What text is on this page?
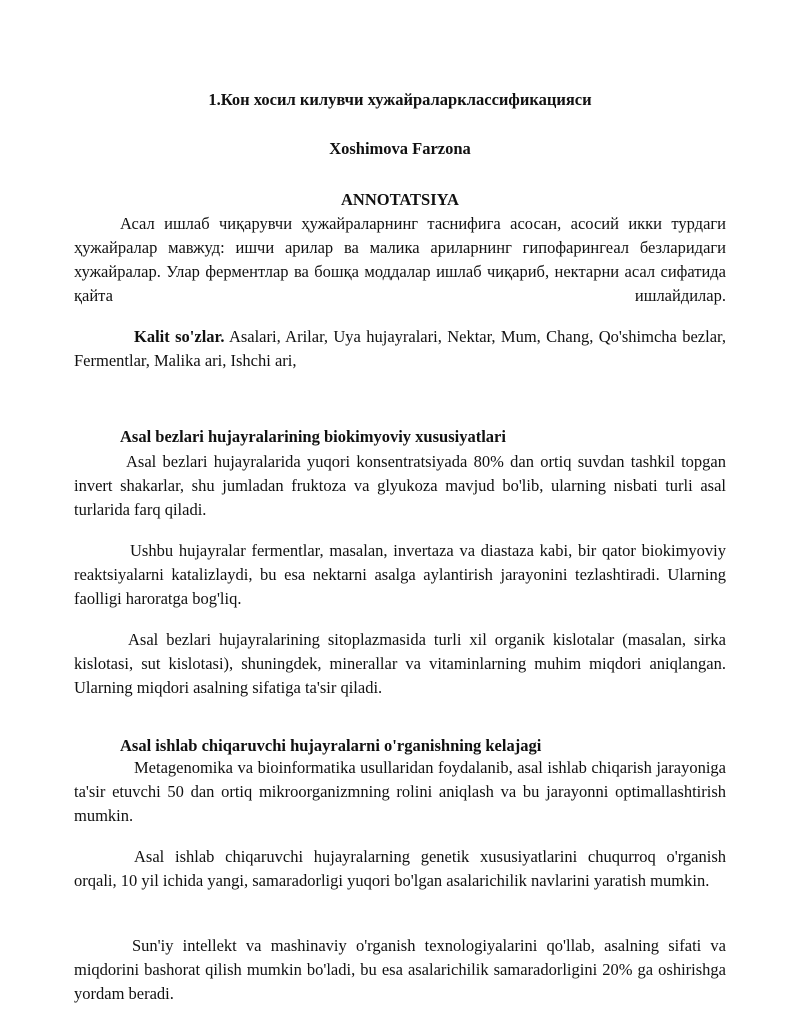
1.Кон хосил килувчи хужайраларклассификацияси

Xoshimova Farzona

ANNOTATSIYA

Асал ишлаб чиқарувчи ҳужайраларнинг таснифига асосан, асосий икки турдаги ҳужайралар мавжуд: ишчи арилар ва малика ариларнинг гипофарингеал безларидаги хужайралар. Улар ферментлар ва бошқа моддалар ишлаб чиқариб, нектарни асал сифатида қайта ишлайдилар.

Kalit so'zlar. Asalari, Arilar, Uya hujayralari, Nektar, Mum, Chang, Qo'shimcha bezlar, Fermentlar, Malika ari, Ishchi ari,

Asal bezlari hujayralarining biokimyoviy xususiyatlari

Asal bezlari hujayralarida yuqori konsentratsiyada 80% dan ortiq suvdan tashkil topgan invert shakarlar, shu jumladan fruktoza va glyukoza mavjud bo'lib, ularning nisbati turli asal turlarida farq qiladi.

Ushbu hujayralar fermentlar, masalan, invertaza va diastaza kabi, bir qator biokimyoviy reaktsiyalarni katalizlaydi, bu esa nektarni asalga aylantirish jarayonini tezlashtiradi. Ularning faolligi haroratga bog'liq.

Asal bezlari hujayralarining sitoplazmasida turli xil organik kislotalar (masalan, sirka kislotasi, sut kislotasi), shuningdek, minerallar va vitaminlarning muhim miqdori aniqlangan. Ularning miqdori asalning sifatiga ta'sir qiladi.

Asal ishlab chiqaruvchi hujayralarni o'rganishning kelajagi

Metagenomika va bioinformatika usullaridan foydalanib, asal ishlab chiqarish jarayoniga ta'sir etuvchi 50 dan ortiq mikroorganizmning rolini aniqlash va bu jarayonni optimallashtirish mumkin.

Asal ishlab chiqaruvchi hujayralarning genetik xususiyatlarini chuqurroq o'rganish orqali, 10 yil ichida yangi, samaradorligi yuqori bo'lgan asalarichilik navlarini yaratish mumkin.

Sun'iy intellekt va mashinaviy o'rganish texnologiyalarini qo'llab, asalning sifati va miqdorini bashorat qilish mumkin bo'ladi, bu esa asalarichilik samaradorligini 20% ga oshirishga yordam beradi.
